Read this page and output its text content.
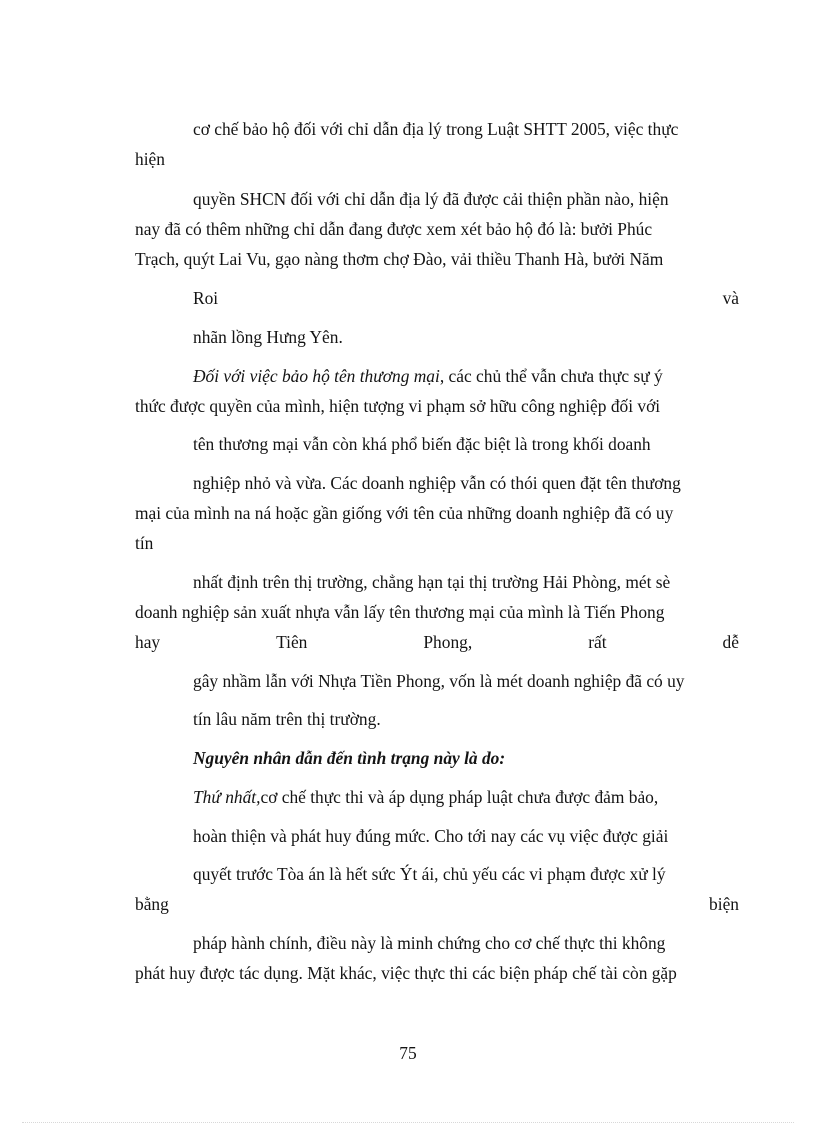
cơ chế bảo hộ đối với chỉ dẫn địa lý trong Luật SHTT 2005, việc thực
hiện
quyền SHCN đối với chỉ dẫn địa lý đã được cải thiện phần nào, hiện
nay đã có thêm những chỉ dẫn đang được xem xét bảo hộ đó là: bưởi Phúc
Trạch, quýt Lai Vu, gạo nàng thơm chợ Đào, vải thiều Thanh Hà, bưởi Năm
Roi	và
nhãn lồng Hưng Yên.
Đối với việc bảo hộ tên thương mại, các chủ thể vẫn chưa thực sự ý
thức được quyền của mình, hiện tượng vi phạm sở hữu công nghiệp đối với
tên thương mại vẫn còn khá phổ biến đặc biệt là trong khối doanh
nghiệp nhỏ và vừa. Các doanh nghiệp vẫn có thói quen đặt tên thương
mại của mình na ná hoặc gần giống với tên của những doanh nghiệp đã có uy
tín
nhất định trên thị trường, chẳng hạn tại thị trường Hải Phòng, mét sè
doanh nghiệp sản xuất nhựa vẫn lấy tên thương mại của mình là Tiến Phong
hay	Tiên	Phong,	rất	dễ
gây nhầm lẫn với Nhựa Tiền Phong, vốn là mét doanh nghiệp đã có uy
tín lâu năm trên thị trường.
Nguyên nhân dẫn đến tình trạng này là do:
Thứ nhất,cơ chế thực thi và áp dụng pháp luật chưa được đảm bảo,
hoàn thiện và phát huy đúng mức. Cho tới nay các vụ việc được giải
quyết trước Tòa án là hết sức Ýt ái, chủ yếu các vi phạm được xử lý
bằng	biện
pháp hành chính, điều này là minh chứng cho cơ chế thực thi không
phát huy được tác dụng. Mặt khác, việc thực thi các biện pháp chế tài còn gặp
75
